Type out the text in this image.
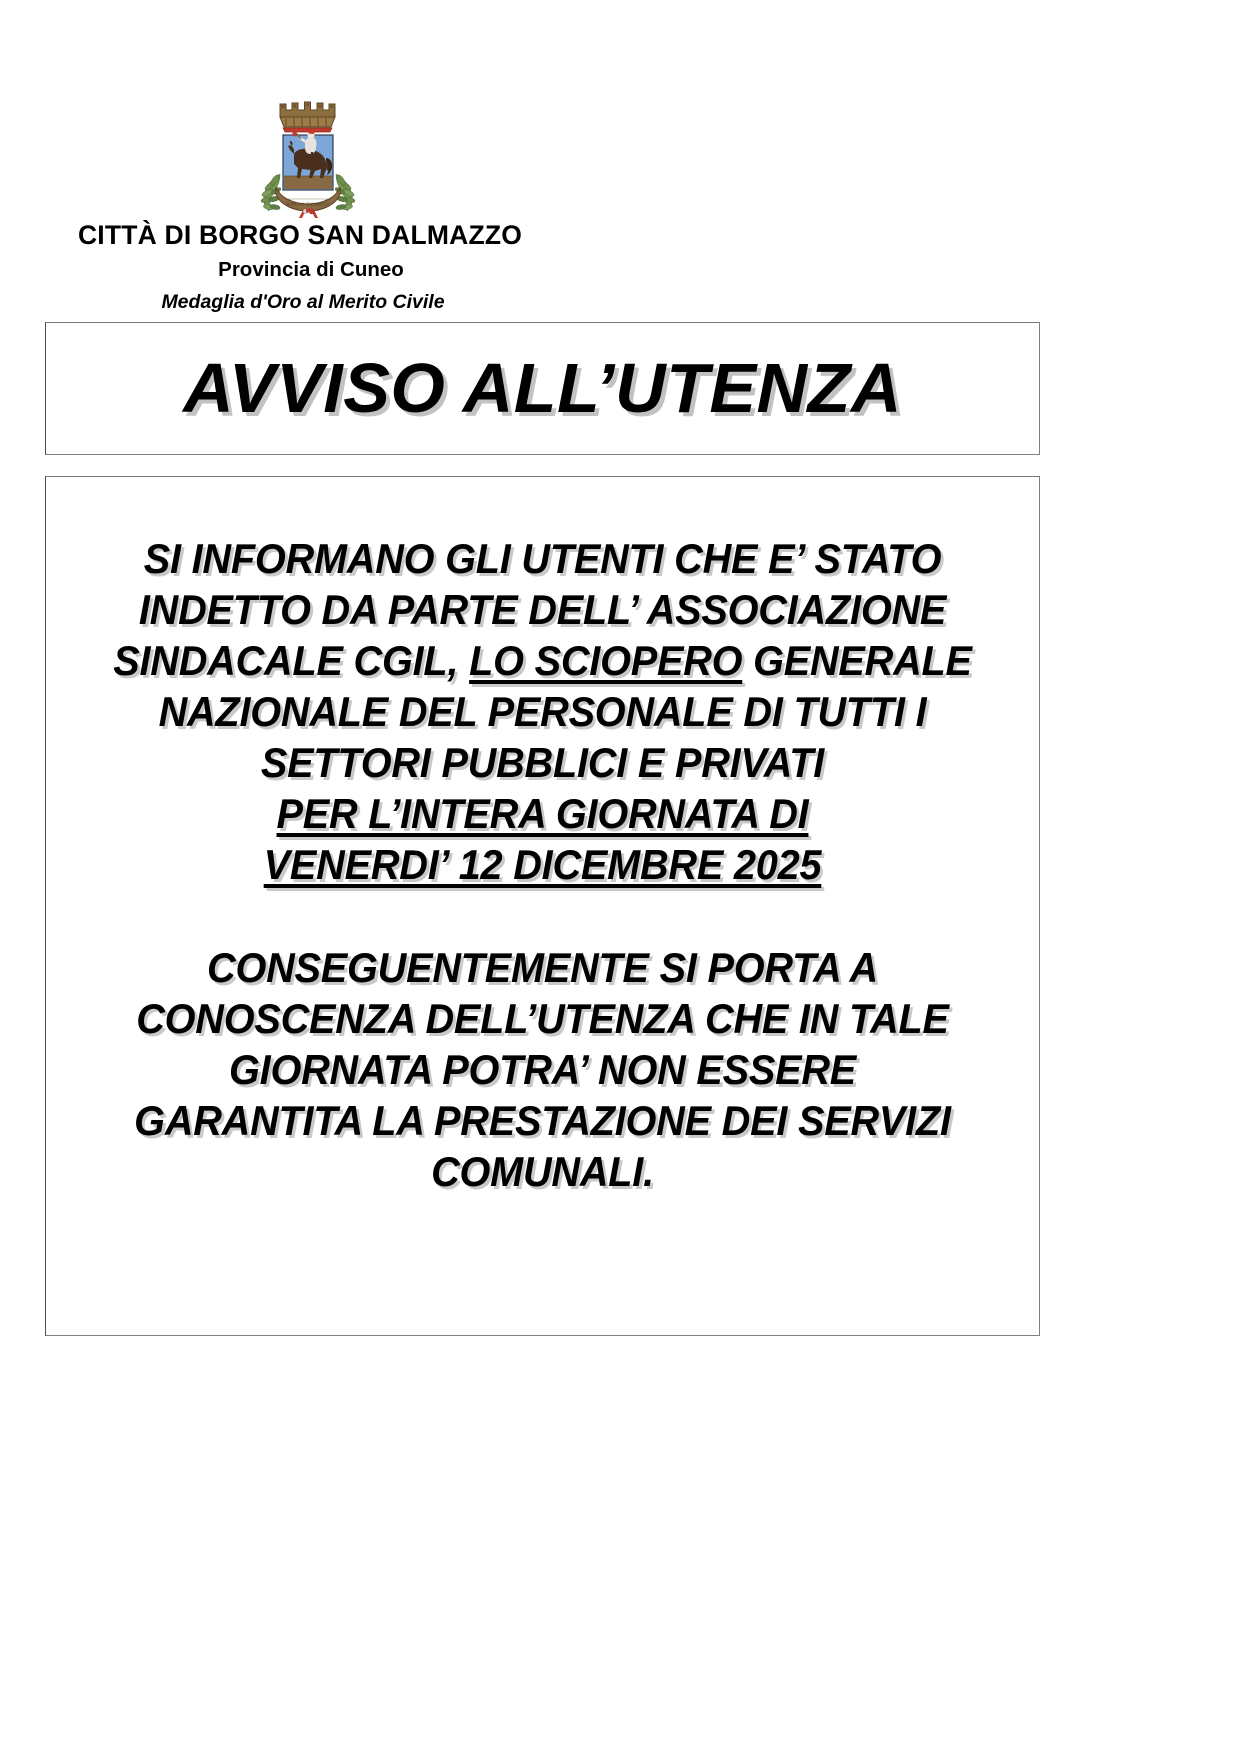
BORGO S. DALMAZZO
CITTÀ DI BORGO SAN DALMAZZO
Provincia di Cuneo
Medaglia d'Oro al Merito Civile
AVVISO ALL’UTENZA
SI INFORMANO GLI UTENTI CHE E’ STATO
INDETTO DA PARTE DELL’ ASSOCIAZIONE
SINDACALE CGIL, LO SCIOPERO GENERALE
NAZIONALE DEL PERSONALE DI TUTTI I
SETTORI PUBBLICI E PRIVATI
PER L’INTERA GIORNATA DI
VENERDI’ 12 DICEMBRE 2025
CONSEGUENTEMENTE SI PORTA A
CONOSCENZA DELL’UTENZA CHE IN TALE
GIORNATA POTRA’ NON ESSERE
GARANTITA LA PRESTAZIONE DEI SERVIZI
COMUNALI.
